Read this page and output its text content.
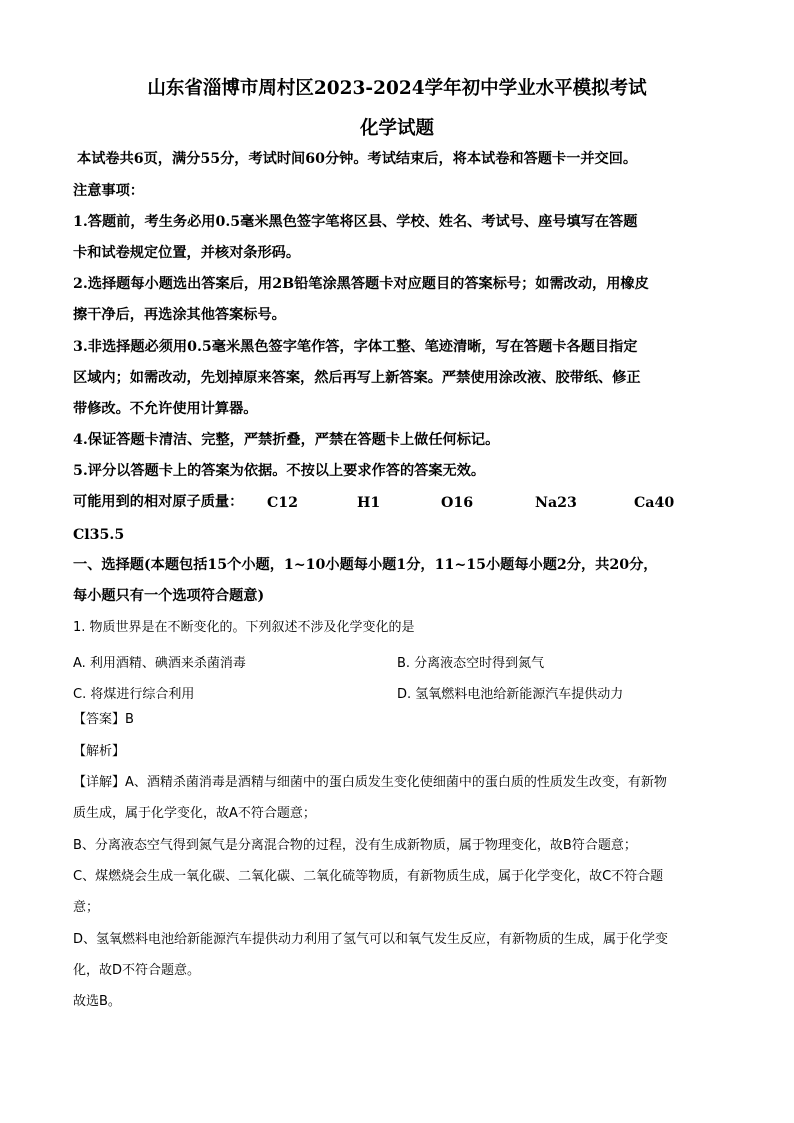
山东省淄博市周村区2023-2024学年初中学业水平模拟考试
化学试题
本试卷共6页，满分55分，考试时间60分钟。考试结束后，将本试卷和答题卡一并交回。
注意事项：
1.答题前，考生务必用0.5毫米黑色签字笔将区县、学校、姓名、考试号、座号填写在答题
卡和试卷规定位置，并核对条形码。
2.选择题每小题选出答案后，用2B铅笔涂黑答题卡对应题目的答案标号；如需改动，用橡皮
擦干净后，再选涂其他答案标号。
3.非选择题必须用0.5毫米黑色签字笔作答，字体工整、笔迹清晰，写在答题卡各题目指定
区域内；如需改动，先划掉原来答案，然后再写上新答案。严禁使用涂改液、胶带纸、修正
带修改。不允许使用计算器。
4.保证答题卡清洁、完整，严禁折叠，严禁在答题卡上做任何标记。
5.评分以答题卡上的答案为依据。不按以上要求作答的答案无效。
可能用到的相对原子质量： C12	H1	O16	Na23	Ca40
Cl35.5
一、选择题(本题包括15个小题，1~10小题每小题1分，11~15小题每小题2分，共20分，
每小题只有一个选项符合题意)
1. 物质世界是在不断变化的。下列叙述不涉及化学变化的是
A. 利用酒精、碘酒来杀菌消毒	B. 分离液态空时得到氮气
C. 将煤进行综合利用	D. 氢氧燃料电池给新能源汽车提供动力
【答案】B
【解析】
【详解】A、酒精杀菌消毒是酒精与细菌中的蛋白质发生变化使细菌中的蛋白质的性质发生改变，有新物
质生成，属于化学变化，故A不符合题意；
B、分离液态空气得到氮气是分离混合物的过程，没有生成新物质，属于物理变化，故B符合题意；
C、煤燃烧会生成一氧化碳、二氧化碳、二氧化硫等物质，有新物质生成，属于化学变化，故C不符合题
意；
D、氢氧燃料电池给新能源汽车提供动力利用了氢气可以和氧气发生反应，有新物质的生成，属于化学变
化，故D不符合题意。
故选B。
